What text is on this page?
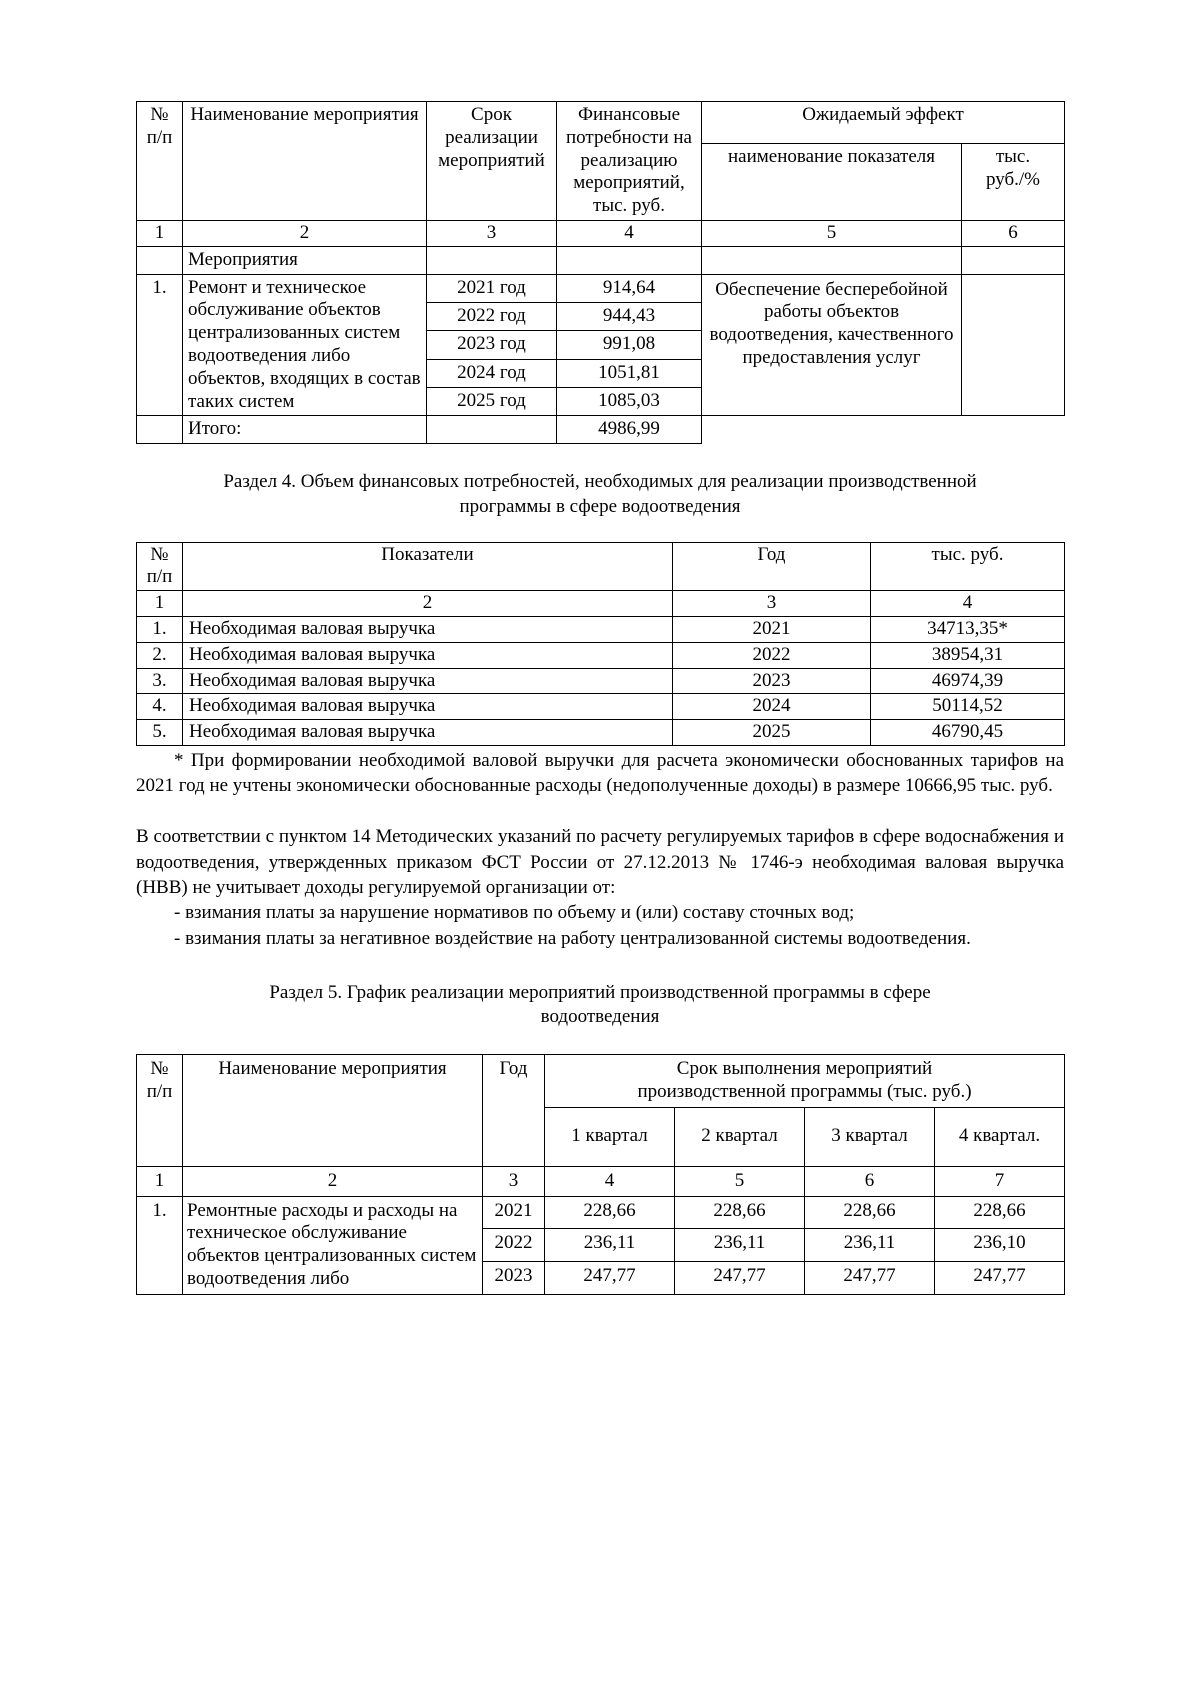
№
п/п	Наименование мероприятия	Срок реализации мероприятий	Финансовые потребности на реализацию мероприятий, тыс. руб.	Ожидаемый эффект	
				наименование показателя	тыс. руб./%
1	2	3	4	5	6
	Мероприятия				
1.	Ремонт и техническое обслуживание объектов централизованных систем водоотведения либо объектов, входящих в состав таких систем	2021 год	914,64	Обеспечение бесперебойной работы объектов водоотведения, качественного предоставления услуг	
		2022 год	944,43		
		2023 год	991,08		
		2024 год	1051,81		
		2025 год	1085,03		
	Итого:		4986,99		
Раздел 4. Объем финансовых потребностей, необходимых для реализации производственной
программы в сфере водоотведения
№
п/п	Показатели	Год	тыс. руб.
1	2	3	4
1.	Необходимая валовая выручка	2021	34713,35*
2.	Необходимая валовая выручка	2022	38954,31
3.	Необходимая валовая выручка	2023	46974,39
4.	Необходимая валовая выручка	2024	50114,52
5.	Необходимая валовая выручка	2025	46790,45

* При формировании необходимой валовой выручки для расчета экономически обоснованных тарифов на 2021 год не учтены экономически обоснованные расходы (недополученные доходы) в размере 10666,95 тыс. руб.

В соответствии с пунктом 14 Методических указаний по расчету регулируемых тарифов в сфере водоснабжения и водоотведения, утвержденных приказом ФСТ России от 27.12.2013 № 1746-э необходимая валовая выручка (НВВ) не учитывает доходы регулируемой организации от:

- взимания платы за нарушение нормативов по объему и (или) составу сточных вод;

- взимания платы за негативное воздействие на работу централизованной системы водоотведения.

Раздел 5. График реализации мероприятий производственной программы в сфере
водоотведения
№
п/п
	Наименование мероприятия	Год	Срок выполнения мероприятий
производственной программы (тыс. руб.)

			1 квартал	2 квартал	3 квартал	4 квартал.
1	2	3	4	5	6	7
1.	Ремонтные расходы и расходы на техническое обслуживание объектов централизованных систем водоотведения либо	2021	228,66	228,66	228,66	228,66
		2022	236,11	236,11	236,11	236,10
		2023	247,77	247,77	247,77	247,77
